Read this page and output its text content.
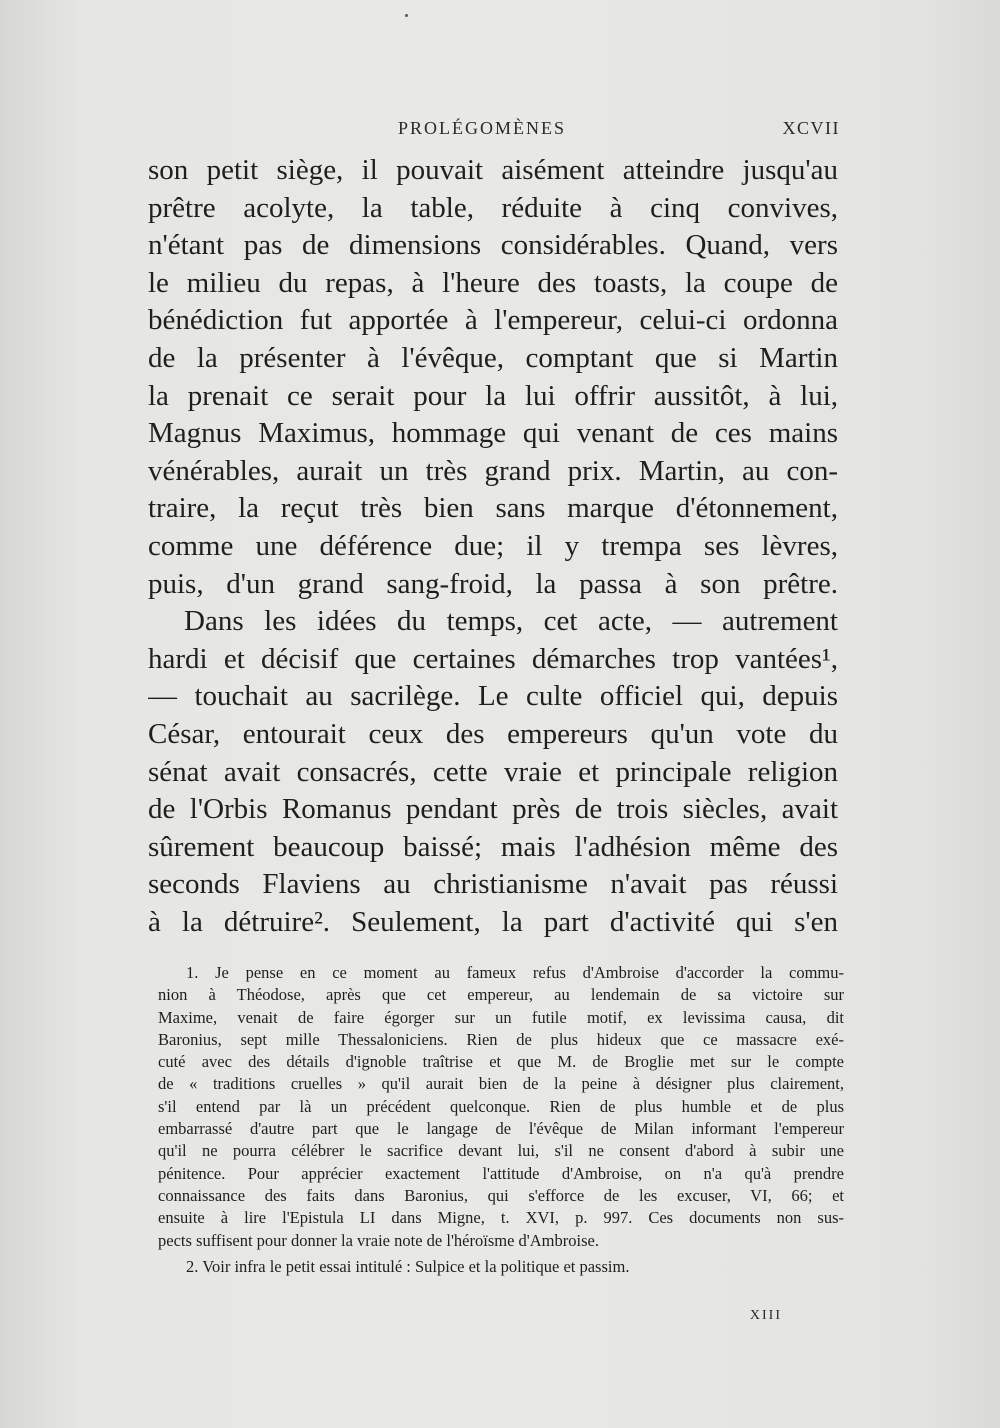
PROLÉGOMÈNES	XCVII
son petit siège, il pouvait aisément atteindre jusqu'au
prêtre acolyte, la table, réduite à cinq convives,
n'étant pas de dimensions considérables. Quand, vers
le milieu du repas, à l'heure des toasts, la coupe de
bénédiction fut apportée à l'empereur, celui-ci ordonna
de la présenter à l'évêque, comptant que si Martin
la prenait ce serait pour la lui offrir aussitôt, à lui,
Magnus Maximus, hommage qui venant de ces mains
vénérables, aurait un très grand prix. Martin, au con-
traire, la reçut très bien sans marque d'étonnement,
comme une déférence due; il y trempa ses lèvres,
puis, d'un grand sang-froid, la passa à son prêtre.
Dans les idées du temps, cet acte, — autrement
hardi et décisif que certaines démarches trop vantées¹,
— touchait au sacrilège. Le culte officiel qui, depuis
César, entourait ceux des empereurs qu'un vote du
sénat avait consacrés, cette vraie et principale religion
de l'Orbis Romanus pendant près de trois siècles, avait
sûrement beaucoup baissé; mais l'adhésion même des
seconds Flaviens au christianisme n'avait pas réussi
à la détruire². Seulement, la part d'activité qui s'en
1. Je pense en ce moment au fameux refus d'Ambroise d'accorder la commu-
nion à Théodose, après que cet empereur, au lendemain de sa victoire sur
Maxime, venait de faire égorger sur un futile motif, ex levissima causa, dit
Baronius, sept mille Thessaloniciens. Rien de plus hideux que ce massacre exé-
cuté avec des détails d'ignoble traîtrise et que M. de Broglie met sur le compte
de « traditions cruelles » qu'il aurait bien de la peine à désigner plus clairement,
s'il entend par là un précédent quelconque. Rien de plus humble et de plus
embarrassé d'autre part que le langage de l'évêque de Milan informant l'empereur
qu'il ne pourra célébrer le sacrifice devant lui, s'il ne consent d'abord à subir une
pénitence. Pour apprécier exactement l'attitude d'Ambroise, on n'a qu'à prendre
connaissance des faits dans Baronius, qui s'efforce de les excuser, VI, 66; et
ensuite à lire l'Epistula LI dans Migne, t. XVI, p. 997. Ces documents non sus-
pects suffisent pour donner la vraie note de l'héroïsme d'Ambroise.
2. Voir infra le petit essai intitulé : Sulpice et la politique et passim.
XIII
